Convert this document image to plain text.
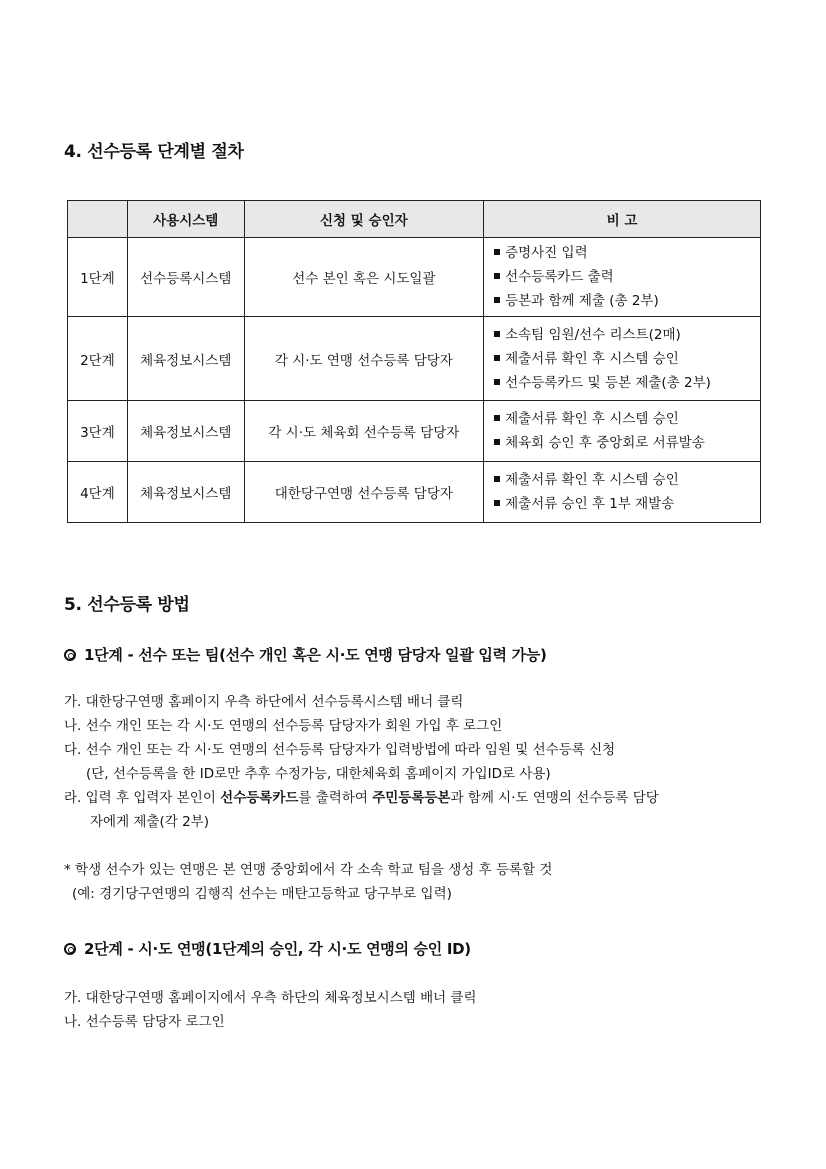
4. 선수등록 단계별 절차
	사용시스템	신청 및 승인자	비 고
1단계	선수등록시스템	선수 본인 혹은 시도일괄	증명사진 입력
선수등록카드 출력
등본과 함께 제출 (총 2부)

2단계	체육정보시스템	각 시·도 연맹 선수등록 담당자	소속팀 임원/선수 리스트(2매)
제출서류 확인 후 시스템 승인
선수등록카드 및 등본 제출(총 2부)

3단계	체육정보시스템	각 시·도 체육회 선수등록 담당자	제출서류 확인 후 시스템 승인
체육회 승인 후 중앙회로 서류발송

4단계	체육정보시스템	대한당구연맹 선수등록 담당자	제출서류 확인 후 시스템 승인
제출서류 승인 후 1부 재발송
5. 선수등록 방법
1단계 - 선수 또는 팀(선수 개인 혹은 시·도 연맹 담당자 일괄 입력 가능)
가. 대한당구연맹 홈페이지 우측 하단에서 선수등록시스템 배너 클릭
나. 선수 개인 또는 각 시·도 연맹의 선수등록 담당자가 회원 가입 후 로그인
다. 선수 개인 또는 각 시·도 연맹의 선수등록 담당자가 입력방법에 따라 임원 및 선수등록 신청
(단, 선수등록을 한 ID로만 추후 수정가능, 대한체육회 홈페이지 가입ID로 사용)
라. 입력 후 입력자 본인이 선수등록카드를 출력하여 주민등록등본과 함께 시·도 연맹의 선수등록 담당
자에게 제출(각 2부)
* 학생 선수가 있는 연맹은 본 연맹 중앙회에서 각 소속 학교 팀을 생성 후 등록할 것
(예: 경기당구연맹의 김행직 선수는 매탄고등학교 당구부로 입력)
2단계 - 시·도 연맹(1단계의 승인, 각 시·도 연맹의 승인 ID)
가. 대한당구연맹 홈페이지에서 우측 하단의 체육정보시스템 배너 클릭
나. 선수등록 담당자 로그인
